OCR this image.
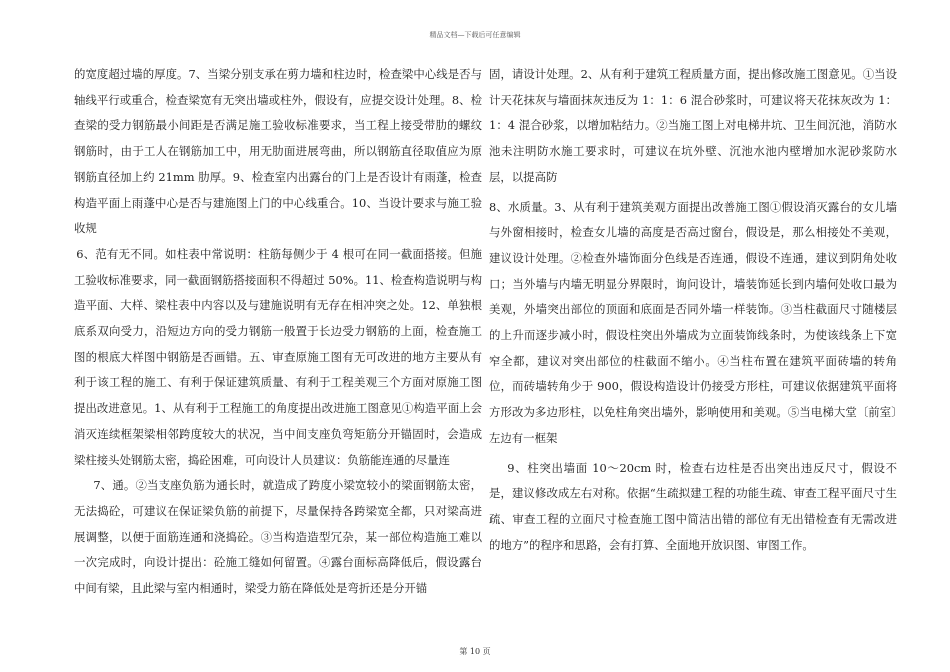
精品文档—下载后可任意编辑

的宽度超过墙的厚度。7、当梁分别支承在剪力墙和柱边时，检查梁中心线是否与轴线平行或重合，检查梁宽有无突出墙或柱外，假设有，应提交设计处理。8、检查梁的受力钢筋最小间距是否满足施工验收标准要求，当工程上接受带肋的螺纹钢筋时，由于工人在钢筋加工中，用无肋面进展弯曲，所以钢筋直径取值应为原钢筋直径加上约 21mm 肋厚。9、检查室内出露台的门上是否设计有雨蓬，检查构造平面上雨蓬中心是否与建施图上门的中心线重合。10、当设计要求与施工验收规

6、范有无不同。如柱表中常说明：柱筋每侧少于 4 根可在同一截面搭接。但施工验收标准要求，同一截面钢筋搭接面积不得超过 50%。11、检查构造说明与构造平面、大样、梁柱表中内容以及与建施说明有无存在相冲突之处。12、单独根底系双向受力，沿短边方向的受力钢筋一般置于长边受力钢筋的上面，检查施工图的根底大样图中钢筋是否画错。五、审查原施工图有无可改进的地方主要从有利于该工程的施工、有利于保证建筑质量、有利于工程美观三个方面对原施工图提出改进意见。1、从有利于工程施工的角度提出改进施工图意见①构造平面上会消灭连续框架梁相邻跨度较大的状况，当中间支座负弯矩筋分开锚固时，会造成梁柱接头处钢筋太密，捣砼困难，可向设计人员建议：负筋能连通的尽量连

7、通。②当支座负筋为通长时，就造成了跨度小梁宽较小的梁面钢筋太密，无法捣砼，可建议在保证梁负筋的前提下，尽量保持各跨梁宽全都，只对梁高进展调整，以便于面筋连通和浇捣砼。③当构造造型冗杂，某一部位构造施工难以一次完成时，向设计提出：砼施工缝如何留置。④露台面标高降低后，假设露台中间有梁，且此梁与室内相通时，梁受力筋在降低处是弯折还是分开锚

固，请设计处理。2、从有利于建筑工程质量方面，提出修改施工图意见。①当设计天花抹灰与墙面抹灰违反为 1：1：6 混合砂浆时，可建议将天花抹灰改为 1：1：4 混合砂浆，以增加粘结力。②当施工图上对电梯井坑、卫生间沉池，消防水池未注明防水施工要求时，可建议在坑外壁、沉池水池内壁增加水泥砂浆防水层，以提高防

8、水质量。3、从有利于建筑美观方面提出改善施工图①假设消灭露台的女儿墙与外窗相接时，检查女儿墙的高度是否高过窗台，假设是，那么相接处不美观，建议设计处理。②检查外墙饰面分色线是否连通，假设不连通，建议到阴角处收口；当外墙与内墙无明显分界限时，询问设计，墙装饰延长到内墙何处收口最为美观，外墙突出部位的顶面和底面是否同外墙一样装饰。③当柱截面尺寸随楼层的上升而逐步减小时，假设柱突出外墙成为立面装饰线条时，为使该线条上下宽窄全都，建议对突出部位的柱截面不缩小。④当柱布置在建筑平面砖墙的转角位，而砖墙转角少于 900，假设构造设计仍接受方形柱，可建议依据建筑平面将方形改为多边形柱，以免柱角突出墙外，影响使用和美观。⑤当电梯大堂〔前室〕左边有一框架

9、柱突出墙面 10～20cm 时，检查右边柱是否出突出违反尺寸，假设不是，建议修改成左右对称。依据“生疏拟建工程的功能生疏、审查工程平面尺寸生疏、审查工程的立面尺寸检查施工图中简洁出错的部位有无出错检查有无需改进的地方”的程序和思路，会有打算、全面地开放识图、审图工作。

第 10 页
